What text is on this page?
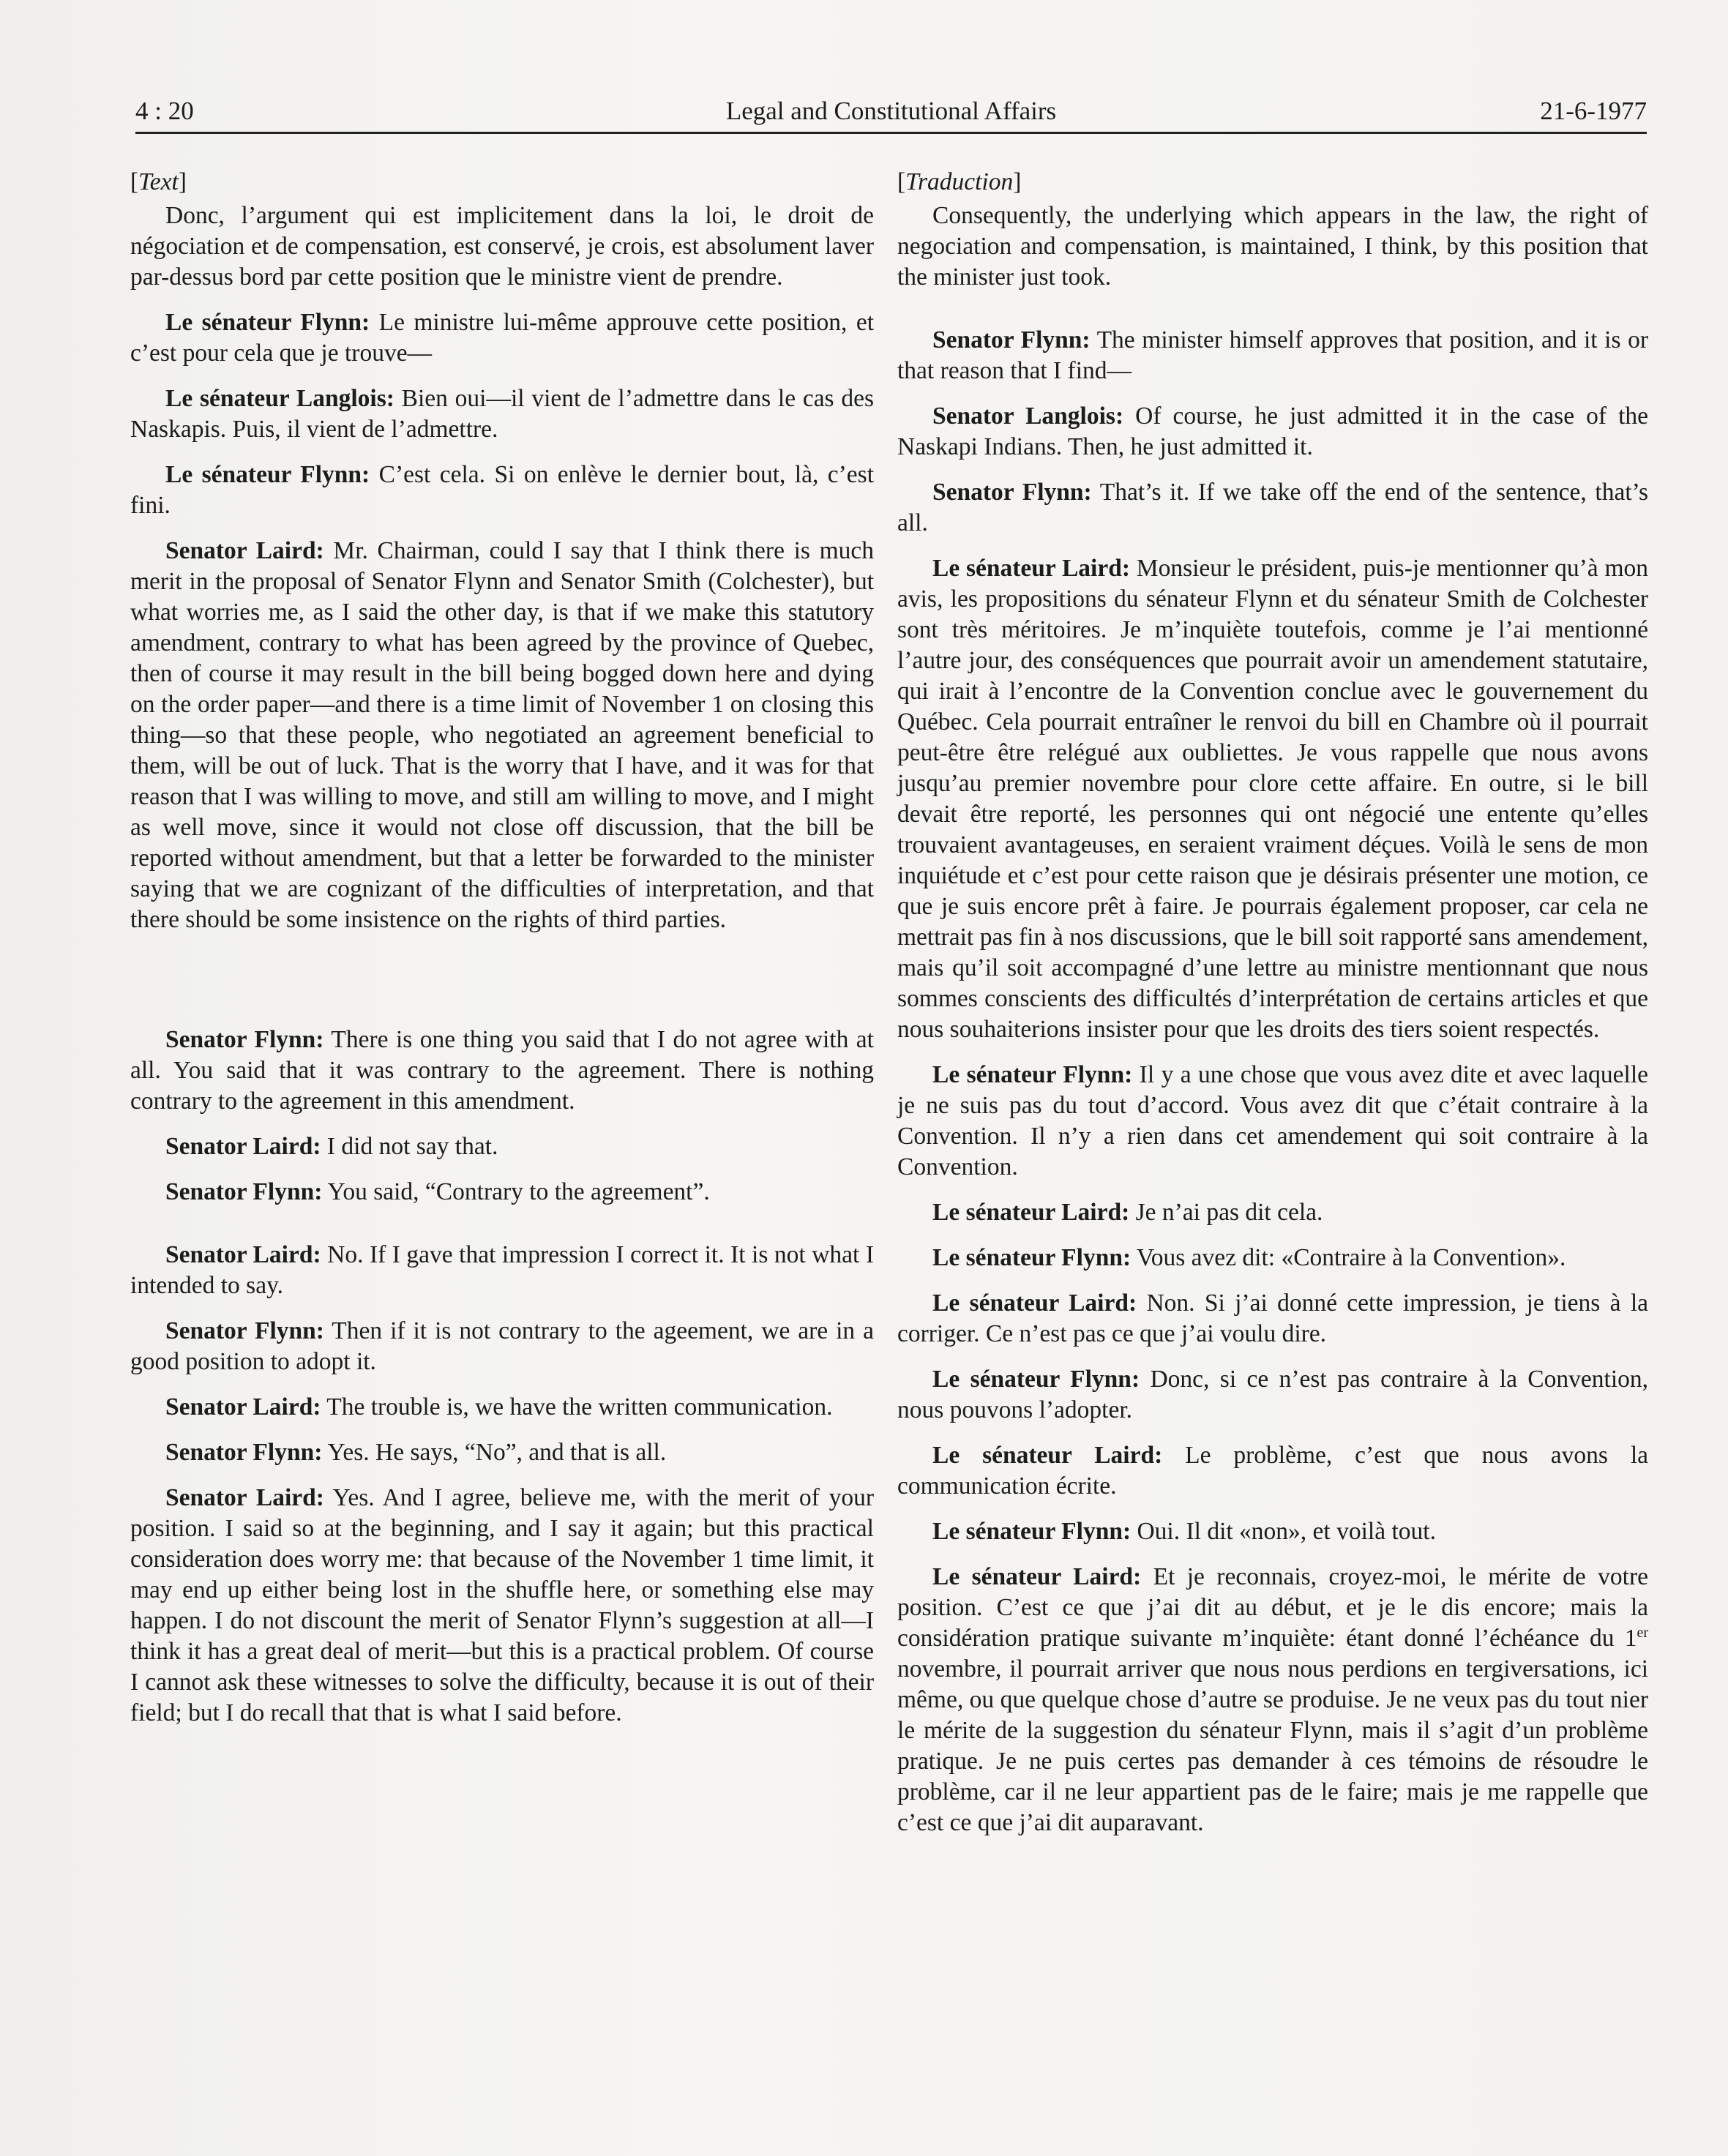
4 : 20	Legal and Constitutional Affairs	21-6-1977

[Text]

Donc, l’argument qui est implicitement dans la loi, le droit de négociation et de compensation, est conservé, je crois, est absolument laver par-dessus bord par cette position que le ministre vient de prendre.

Le sénateur Flynn: Le ministre lui-même approuve cette position, et c’est pour cela que je trouve—

Le sénateur Langlois: Bien oui—il vient de l’admettre dans le cas des Naskapis. Puis, il vient de l’admettre.

Le sénateur Flynn: C’est cela. Si on enlève le dernier bout, là, c’est fini.

Senator Laird: Mr. Chairman, could I say that I think there is much merit in the proposal of Senator Flynn and Senator Smith (Colchester), but what worries me, as I said the other day, is that if we make this statutory amendment, contrary to what has been agreed by the province of Quebec, then of course it may result in the bill being bogged down here and dying on the order paper—and there is a time limit of November 1 on closing this thing—so that these people, who negotiated an agreement beneficial to them, will be out of luck. That is the worry that I have, and it was for that reason that I was willing to move, and still am willing to move, and I might as well move, since it would not close off discussion, that the bill be reported without amendment, but that a letter be forwarded to the minister saying that we are cognizant of the difficulties of interpretation, and that there should be some insistence on the rights of third parties.

Senator Flynn: There is one thing you said that I do not agree with at all. You said that it was contrary to the agreement. There is nothing contrary to the agreement in this amendment.

Senator Laird: I did not say that.

Senator Flynn: You said, “Contrary to the agreement”.

Senator Laird: No. If I gave that impression I correct it. It is not what I intended to say.

Senator Flynn: Then if it is not contrary to the ageement, we are in a good position to adopt it.

Senator Laird: The trouble is, we have the written communication.

Senator Flynn: Yes. He says, “No”, and that is all.

Senator Laird: Yes. And I agree, believe me, with the merit of your position. I said so at the beginning, and I say it again; but this practical consideration does worry me: that because of the November 1 time limit, it may end up either being lost in the shuffle here, or something else may happen. I do not discount the merit of Senator Flynn’s suggestion at all—I think it has a great deal of merit—but this is a practical problem. Of course I cannot ask these witnesses to solve the difficulty, because it is out of their field; but I do recall that that is what I said before.

[Traduction]

Consequently, the underlying which appears in the law, the right of negociation and compensation, is maintained, I think, by this position that the minister just took.

Senator Flynn: The minister himself approves that position, and it is or that reason that I find—

Senator Langlois: Of course, he just admitted it in the case of the Naskapi Indians. Then, he just admitted it.

Senator Flynn: That’s it. If we take off the end of the sentence, that’s all.

Le sénateur Laird: Monsieur le président, puis-je mentionner qu’à mon avis, les propositions du sénateur Flynn et du sénateur Smith de Colchester sont très méritoires. Je m’inquiète toutefois, comme je l’ai mentionné l’autre jour, des conséquences que pourrait avoir un amendement statutaire, qui irait à l’encontre de la Convention conclue avec le gouvernement du Québec. Cela pourrait entraîner le renvoi du bill en Chambre où il pourrait peut-être être relégué aux oubliettes. Je vous rappelle que nous avons jusqu’au premier novembre pour clore cette affaire. En outre, si le bill devait être reporté, les personnes qui ont négocié une entente qu’elles trouvaient avantageuses, en seraient vraiment déçues. Voilà le sens de mon inquiétude et c’est pour cette raison que je désirais présenter une motion, ce que je suis encore prêt à faire. Je pourrais également proposer, car cela ne mettrait pas fin à nos discussions, que le bill soit rapporté sans amendement, mais qu’il soit accompagné d’une lettre au ministre mentionnant que nous sommes conscients des difficultés d’interprétation de certains articles et que nous souhaiterions insister pour que les droits des tiers soient respectés.

Le sénateur Flynn: Il y a une chose que vous avez dite et avec laquelle je ne suis pas du tout d’accord. Vous avez dit que c’était contraire à la Convention. Il n’y a rien dans cet amendement qui soit contraire à la Convention.

Le sénateur Laird: Je n’ai pas dit cela.

Le sénateur Flynn: Vous avez dit: «Contraire à la Convention».

Le sénateur Laird: Non. Si j’ai donné cette impression, je tiens à la corriger. Ce n’est pas ce que j’ai voulu dire.

Le sénateur Flynn: Donc, si ce n’est pas contraire à la Convention, nous pouvons l’adopter.

Le sénateur Laird: Le problème, c’est que nous avons la communication écrite.

Le sénateur Flynn: Oui. Il dit «non», et voilà tout.

Le sénateur Laird: Et je reconnais, croyez-moi, le mérite de votre position. C’est ce que j’ai dit au début, et je le dis encore; mais la considération pratique suivante m’inquiète: étant donné l’échéance du 1er novembre, il pourrait arriver que nous nous perdions en tergiversations, ici même, ou que quelque chose d’autre se produise. Je ne veux pas du tout nier le mérite de la suggestion du sénateur Flynn, mais il s’agit d’un problème pratique. Je ne puis certes pas demander à ces témoins de résoudre le problème, car il ne leur appartient pas de le faire; mais je me rappelle que c’est ce que j’ai dit auparavant.
